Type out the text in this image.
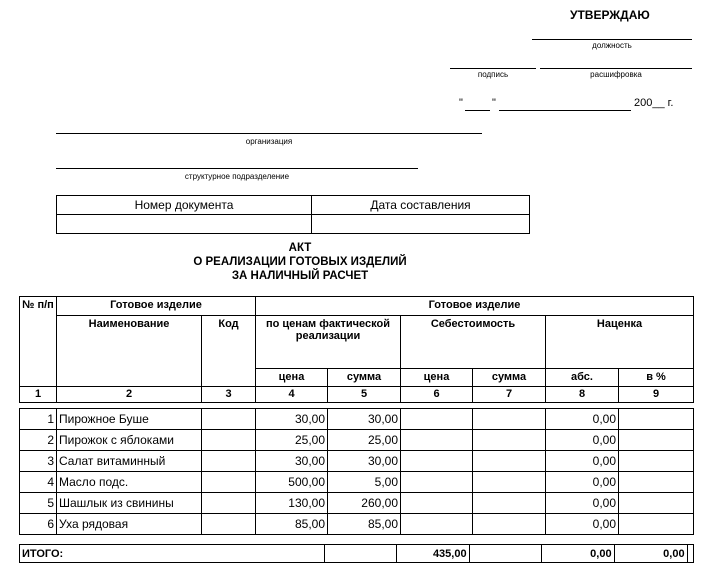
УТВЕРЖДАЮ
должность
подпись	расшифровка
"	"	200__ г.
организация
структурное подразделение
Номер документа	Дата составления

АКТ
О РЕАЛИЗАЦИИ ГОТОВЫХ ИЗДЕЛИЙ
ЗА НАЛИЧНЫЙ РАСЧЕТ
№ п/п	Готовое изделие		Готовое изделие					
	Наименование	Код	по ценам фактической реализации		Себестоимость		Наценка	
			цена	сумма	цена	сумма	абс.	в %
1	2	3	4	5	6	7	8	9
1	Пирожное Буше		30,00	30,00			0,00	
2	Пирожок с яблоками		25,00	25,00			0,00	
3	Салат витаминный		30,00	30,00			0,00	
4	Масло подс.		500,00	5,00			0,00	
5	Шашлык из свинины		130,00	260,00			0,00	
6	Уха рядовая		85,00	85,00			0,00	
ИТОГО:		435,00		0,00	0,00	
